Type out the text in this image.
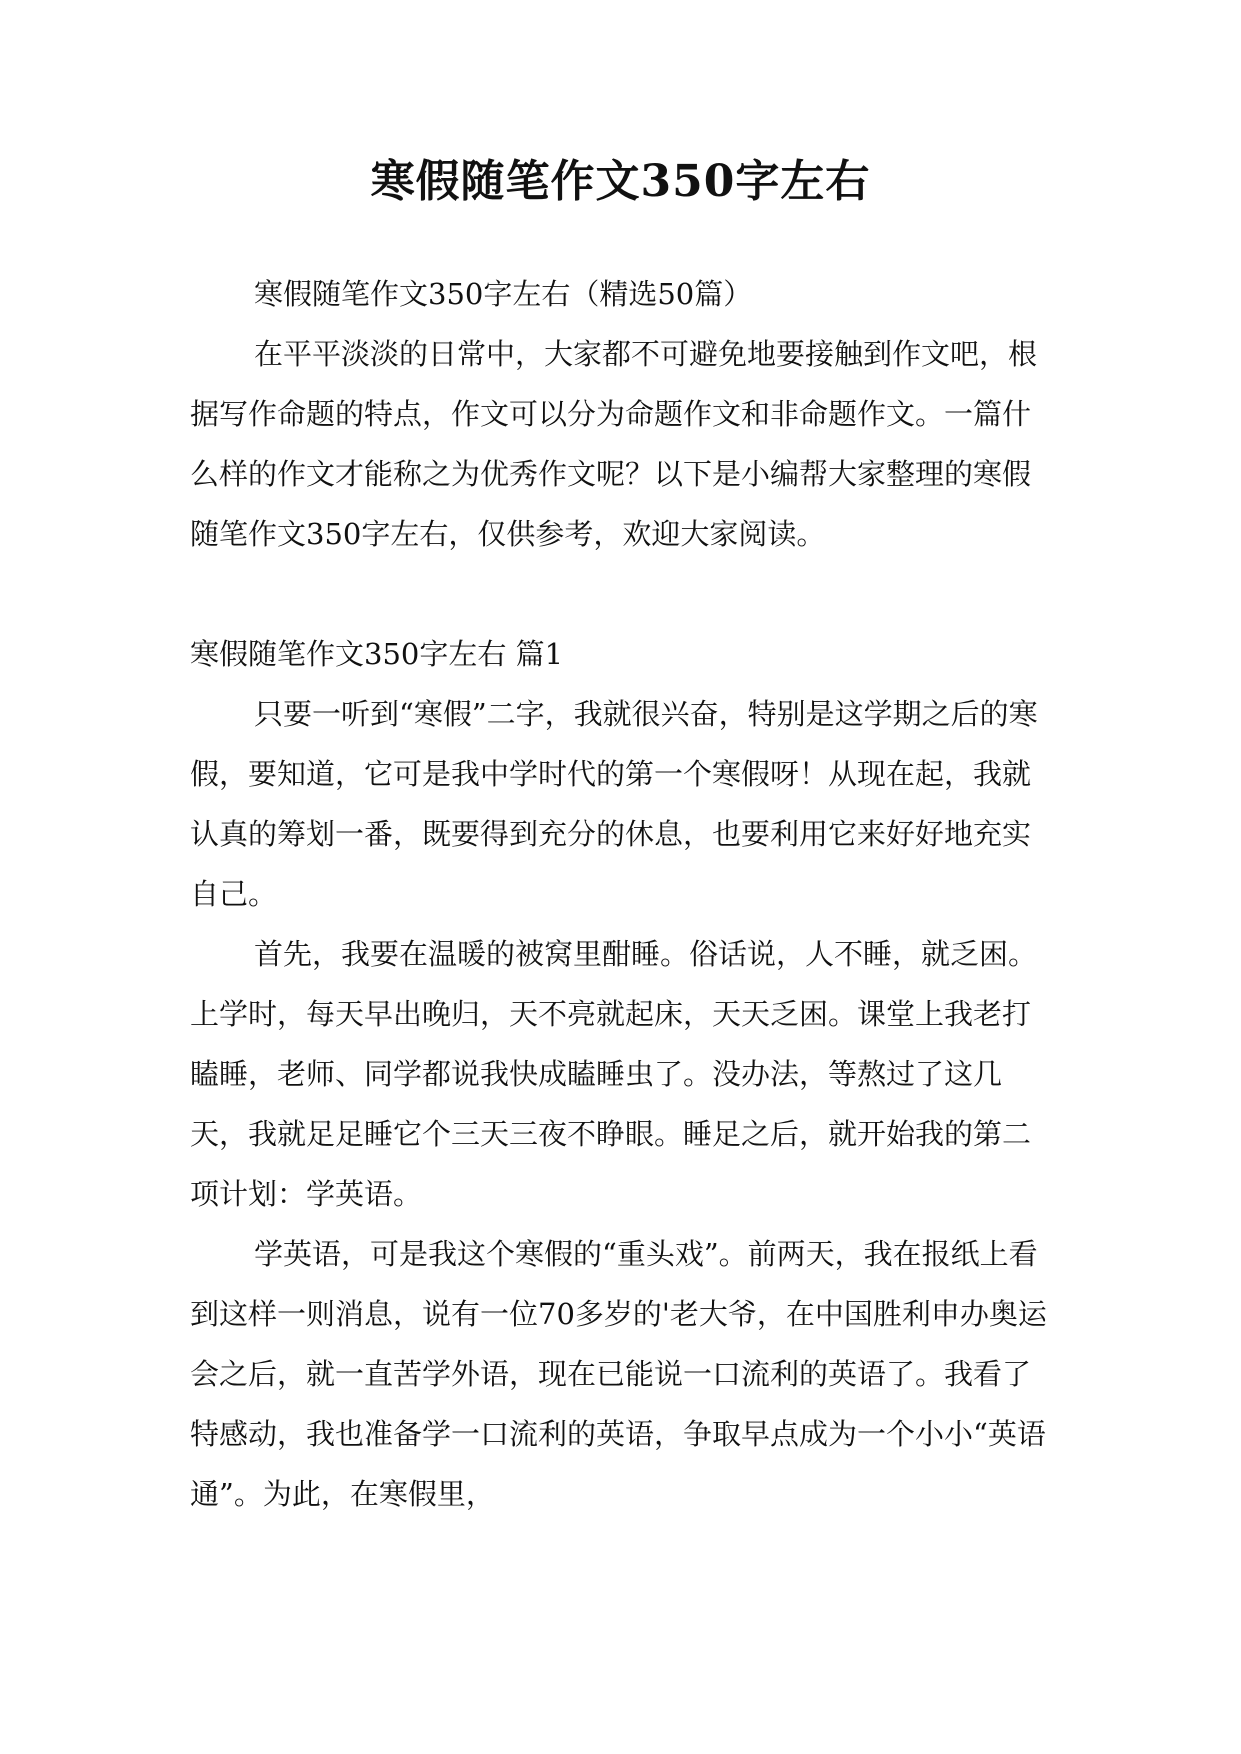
寒假随笔作文350字左右

寒假随笔作文350字左右（精选50篇）

在平平淡淡的日常中，大家都不可避免地要接触到作文吧，根据写作命题的特点，作文可以分为命题作文和非命题作文。一篇什么样的作文才能称之为优秀作文呢？以下是小编帮大家整理的寒假随笔作文350字左右，仅供参考，欢迎大家阅读。

寒假随笔作文350字左右 篇1

只要一听到“寒假”二字，我就很兴奋，特别是这学期之后的寒假，要知道，它可是我中学时代的第一个寒假呀！从现在起，我就认真的筹划一番，既要得到充分的休息，也要利用它来好好地充实自己。

首先，我要在温暖的被窝里酣睡。俗话说，人不睡，就乏困。上学时，每天早出晚归，天不亮就起床，天天乏困。课堂上我老打瞌睡，老师、同学都说我快成瞌睡虫了。没办法，等熬过了这几天，我就足足睡它个三天三夜不睁眼。睡足之后，就开始我的第二项计划：学英语。

学英语，可是我这个寒假的“重头戏”。前两天，我在报纸上看到这样一则消息，说有一位70多岁的'老大爷，在中国胜利申办奥运会之后，就一直苦学外语，现在已能说一口流利的英语了。我看了特感动，我也准备学一口流利的英语，争取早点成为一个小小“英语通”。为此，在寒假里，
